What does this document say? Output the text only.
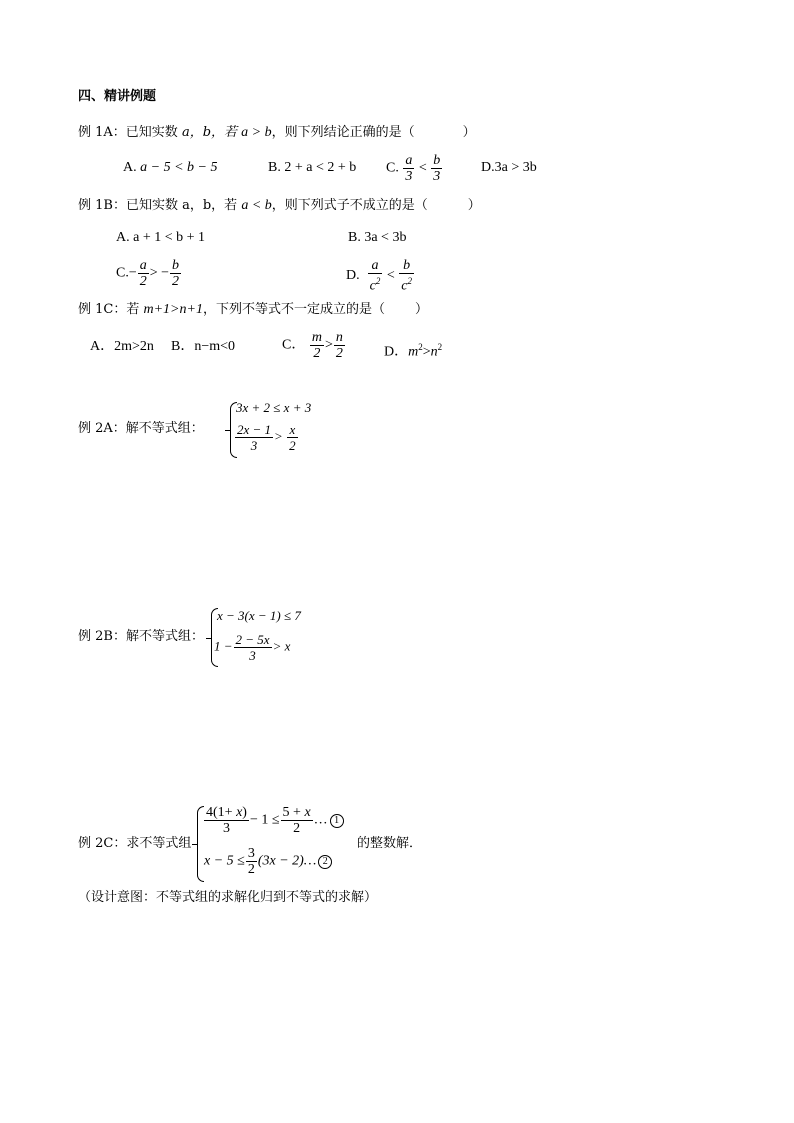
四、精讲例题
例 1A：已知实数 a，b，若 a > b，则下列结论正确的是（	）
A. a − 5 < b − 5	B. 2 + a < 2 + b C. $\frac{a}{3} < \frac{b}{3}$	D.3a > 3b
例 1B：已知实数 a，b，若 a < b，则下列式子不成立的是（	）
A. a + 1 < b + 1	B. 3a < 3b
$C.- \frac{a}{2}$ > − $\frac{b}{2}$	D. $\frac{a}{c^2} < \frac{b}{c^2}$
例 1C：若 m+1>n+1，下列不等式不一定成立的是（ ）
A．2m>2n B．n−m<0	C． $\frac{m}{2} > \frac{n}{2}$	D．$m^2>n^2$
例 2A：解不等式组：
3x + 2 ≤ x + 3
$\frac{2x - 1}{3} > \frac{x}{2}$
例 2B：解不等式组：
x − 3(x − 1) ≤ 7
$1 - \frac{2 - 5x}{3} > x$
例 2C：求不等式组
$\frac{4(1+ x)}{3} - 1 \le \frac{5 + x}{2}$ … 1
$x - 5 \le \frac{3}{2} (3x$ − 2)… 2
的整数解．
（设计意图：不等式组的求解化归到不等式的求解）
